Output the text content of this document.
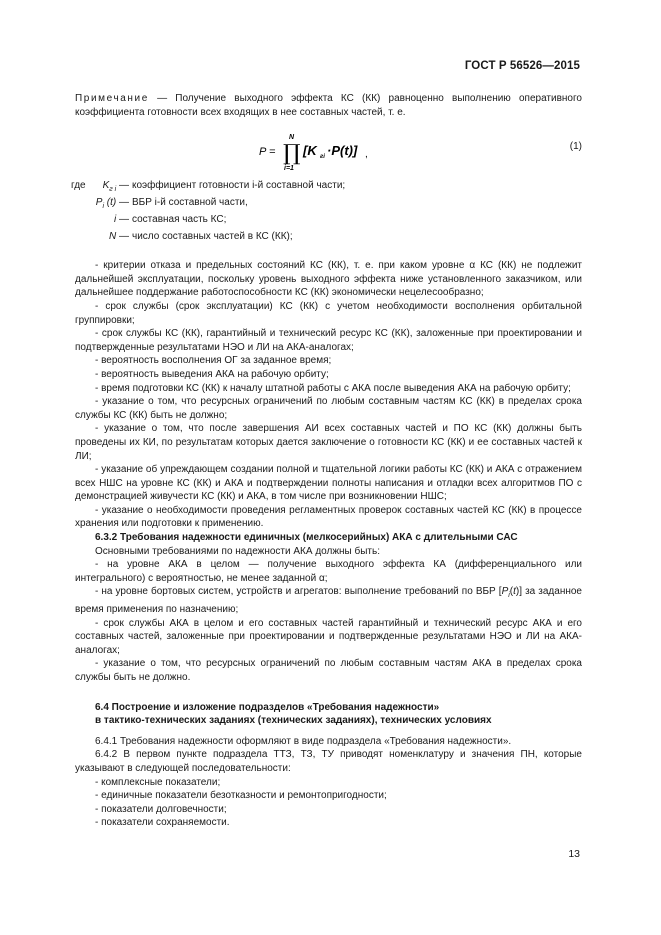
ГОСТ Р 56526—2015

Примечание — Получение выходного эффекта КС (КК) равноценно выполнению оперативного коэффициента готовности всех входящих в нее составных частей, т. е.

P =
N
∏
i=1
[K гi ·P(t)] ,
(1)
где	$K_{г i}$ — коэффициент готовности i-й составной части;
$P_i$ (t) — ВБР i-й составной части,
i — составная часть КС;
N — число составных частей в КС (КК);

- критерии отказа и предельных состояний КС (КК), т. е. при каком уровне α КС (КК) не подлежит дальнейшей эксплуатации, поскольку уровень выходного эффекта ниже установленного заказчиком, или дальнейшее поддержание работоспособности КС (КК) экономически нецелесообразно;

- срок службы (срок эксплуатации) КС (КК) с учетом необходимости восполнения орбитальной группировки;

- срок службы КС (КК), гарантийный и технический ресурс КС (КК), заложенные при проектировании и подтвержденные результатами НЭО и ЛИ на АКА-аналогах;

- вероятность восполнения ОГ за заданное время;

- вероятность выведения АКА на рабочую орбиту;

- время подготовки КС (КК) к началу штатной работы с АКА после выведения АКА на рабочую орбиту;

- указание о том, что ресурсных ограничений по любым составным частям КС (КК) в пределах срока службы КС (КК) быть не должно;

- указание о том, что после завершения АИ всех составных частей и ПО КС (КК) должны быть проведены их КИ, по результатам которых дается заключение о готовности КС (КК) и ее составных частей к ЛИ;

- указание об упреждающем создании полной и тщательной логики работы КС (КК) и АКА с отражением всех НШС на уровне КС (КК) и АКА и подтверждении полноты написания и отладки всех алгоритмов ПО с демонстрацией живучести КС (КК) и АКА, в том числе при возникновении НШС;

- указание о необходимости проведения регламентных проверок составных частей КС (КК) в процессе хранения или подготовки к применению.

6.3.2 Требования надежности единичных (мелкосерийных) АКА с длительными САС

Основными требованиями по надежности АКА должны быть:

- на уровне АКА в целом — получение выходного эффекта КА (дифференциального или интегрального) с вероятностью, не менее заданной α;

- на уровне бортовых систем, устройств и агрегатов: выполнение требований по ВБР $[P_i(t)]$ за заданное время применения по назначению;

- срок службы АКА в целом и его составных частей гарантийный и технический ресурс АКА и его составных частей, заложенные при проектировании и подтвержденные результатами НЭО и ЛИ на АКА-аналогах;

- указание о том, что ресурсных ограничений по любым составным частям АКА в пределах срока службы быть не должно.

6.4 Построение и изложение подразделов «Требования надежности»
в тактико-технических заданиях (технических заданиях), технических условиях

6.4.1 Требования надежности оформляют в виде подраздела «Требования надежности».

6.4.2 В первом пункте подраздела ТТЗ, ТЗ, ТУ приводят номенклатуру и значения ПН, которые указывают в следующей последовательности:

- комплексные показатели;

- единичные показатели безотказности и ремонтопригодности;

- показатели долговечности;

- показатели сохраняемости.

13
